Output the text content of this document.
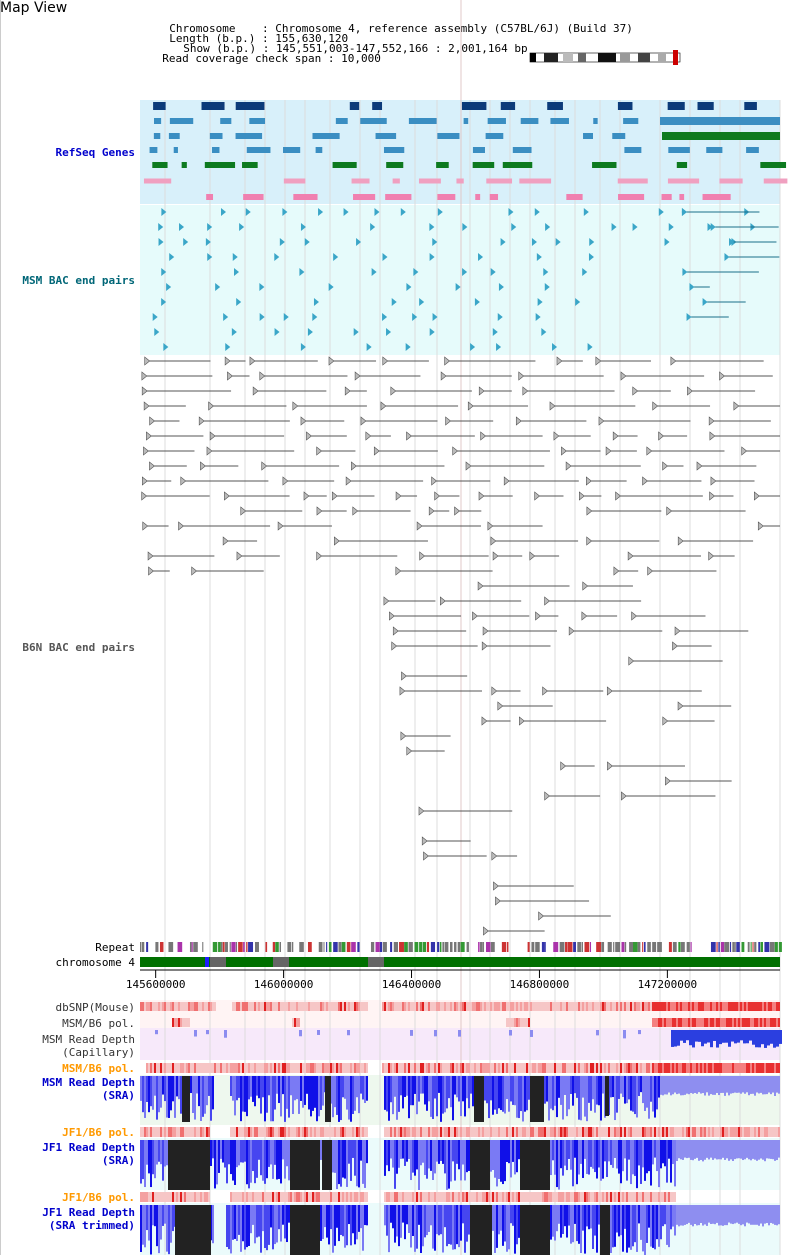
Map View

Chromosome    : Chromosome 4, reference assembly (C57BL/6J) (Build 37)

Length (b.p.) : 155,630,120

Show (b.p.) : 145,551,003-147,552,166 : 2,001,164 bp

Read coverage check span : 10,000

145600000	146000000	146400000	146800000	147200000
RefSeq Genes
MSM BAC end pairs
B6N BAC end pairs
Repeat
chromosome 4
dbSNP(Mouse)
MSM/B6 pol.
MSM Read Depth
(Capillary)
MSM/B6 pol.
MSM Read Depth
(SRA)
JF1/B6 pol.
JF1 Read Depth
(SRA)
JF1/B6 pol.
JF1 Read Depth
(SRA trimmed)
